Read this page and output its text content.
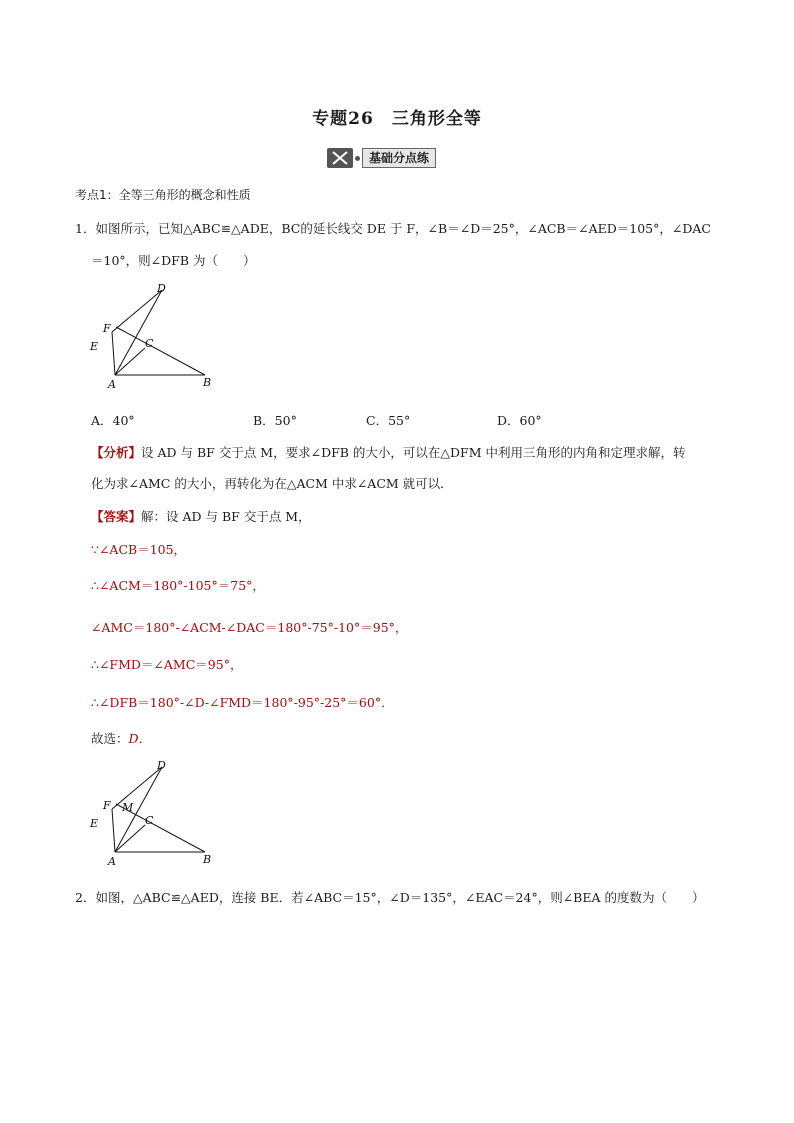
专题26　三角形全等
基础分点练
考点1：全等三角形的概念和性质
1．如图所示，已知△ABC≌△ADE，BC的延长线交 DE 于 F，∠B＝∠D＝25°，∠ACB＝∠AED＝105°，∠DAC
＝10°，则∠DFB 为（　　）
D
F
E	C
A	B
A．40°	B．50°	C．55°	D．60°
【分析】设 AD 与 BF 交于点 M，要求∠DFB 的大小，可以在△DFM 中利用三角形的内角和定理求解，转
化为求∠AMC 的大小，再转化为在△ACM 中求∠ACM 就可以．
【答案】解：设 AD 与 BF 交于点 M，
∵∠ACB＝105，
∴∠ACM＝180°-105°＝75°，
∠AMC＝180°-∠ACM-∠DAC＝180°-75°-10°＝95°，
∴∠FMD＝∠AMC＝95°，
∴∠DFB＝180°-∠D-∠FMD＝180°-95°-25°＝60°．
故选：D．
D
F M
E	C
A	B
2．如图，△ABC≌△AED，连接 BE．若∠ABC＝15°，∠D＝135°，∠EAC＝24°，则∠BEA 的度数为（　　）
